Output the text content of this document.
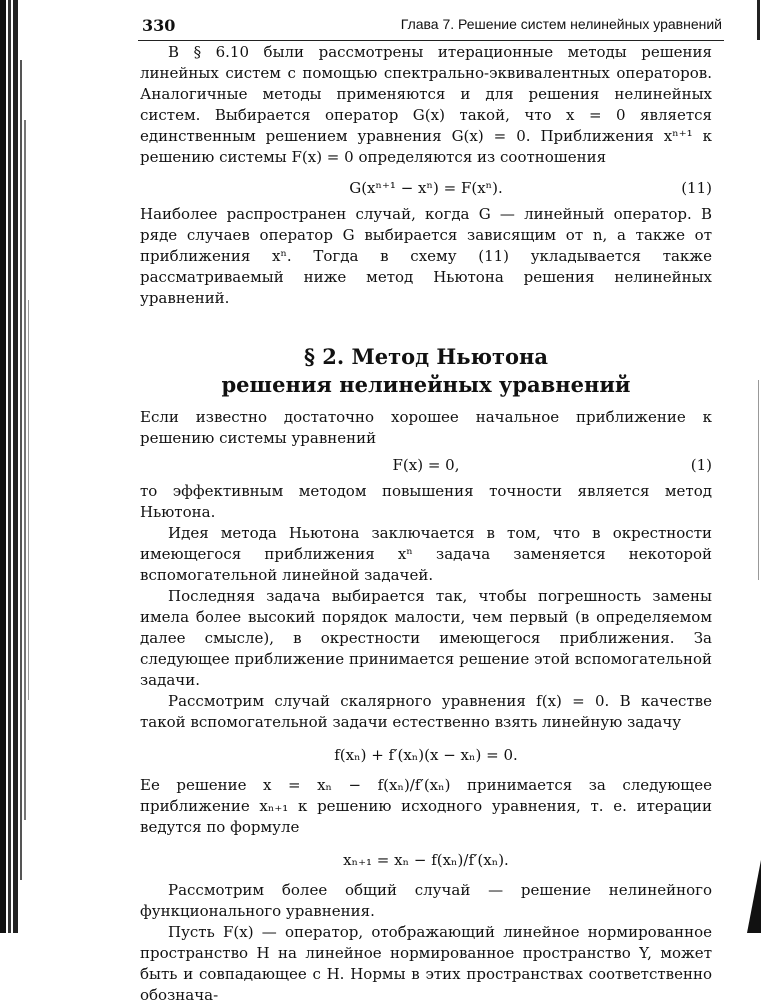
330	Глава 7. Решение систем нелинейных уравнений

В § 6.10 были рассмотрены итерационные методы решения линейных систем с помощью спектрально-эквивалентных операторов. Аналогичные методы применяются и для решения нелинейных систем. Выбирается оператор G(x) такой, что x = 0 является единственным решением уравнения G(x) = 0. Приближения xⁿ⁺¹ к решению системы F(x) = 0 определяются из соотношения

G(xⁿ⁺¹ − xⁿ) = F(xⁿ).	(11)

Наиболее распространен случай, когда G — линейный оператор. В ряде случаев оператор G выбирается зависящим от n, а также от приближения xⁿ. Тогда в схему (11) укладывается также рассматриваемый ниже метод Ньютона решения нелинейных уравнений.

§ 2. Метод Ньютона
решения нелинейных уравнений

Если известно достаточно хорошее начальное приближение к решению системы уравнений

F(x) = 0,	(1)

то эффективным методом повышения точности является метод Ньютона.

Идея метода Ньютона заключается в том, что в окрестности имеющегося приближения xⁿ задача заменяется некоторой вспомогательной линейной задачей.

Последняя задача выбирается так, чтобы погрешность замены имела более высокий порядок малости, чем первый (в определяемом далее смысле), в окрестности имеющегося приближения. За следующее приближение принимается решение этой вспомогательной задачи.

Рассмотрим случай скалярного уравнения f(x) = 0. В качестве такой вспомогательной задачи естественно взять линейную задачу

f(xₙ) + f′(xₙ)(x − xₙ) = 0.

Ее решение x = xₙ − f(xₙ)/f′(xₙ) принимается за следующее приближение xₙ₊₁ к решению исходного уравнения, т. е. итерации ведутся по формуле

xₙ₊₁ = xₙ − f(xₙ)/f′(xₙ).

Рассмотрим более общий случай — решение нелинейного функционального уравнения.

Пусть F(x) — оператор, отображающий линейное нормированное пространство H на линейное нормированное пространство Y, может быть и совпадающее с H. Нормы в этих пространствах соответственно обознача-
